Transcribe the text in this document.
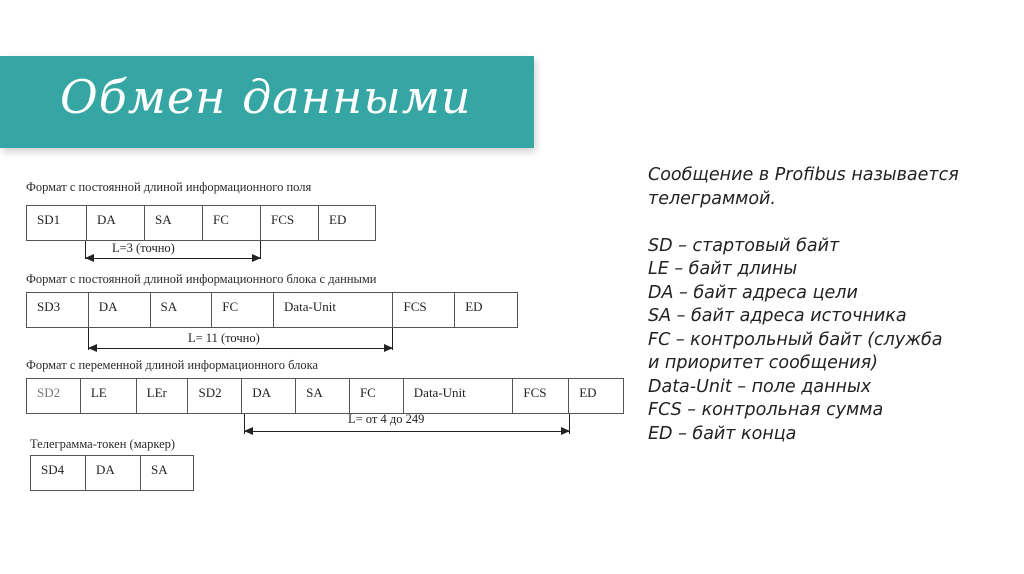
Обмен данными
Формат с постоянной длиной информационного поля
SD1	DA	SA	FC	FCS	ED
L=3 (точно)
Формат с постоянной длиной информационного блока с данными
SD3	DA	SA	FC	Data-Unit	FCS	ED
L= 11 (точно)
Формат с переменной длиной информационного блока
SD2	LE	LEr	SD2	DA	SA	FC	Data-Unit	FCS	ED
L= от 4 до 249
Телеграмма-токен (маркер)
SD4	DA	SA
Сообщение в Profibus называется
телеграммой.
SD – стартовый байт
LE – байт длины
DA – байт адреса цели
SA – байт адреса источника
FC – контрольный байт (служба
и приоритет сообщения)
Data-Unit – поле данных
FCS – контрольная сумма
ED – байт конца
